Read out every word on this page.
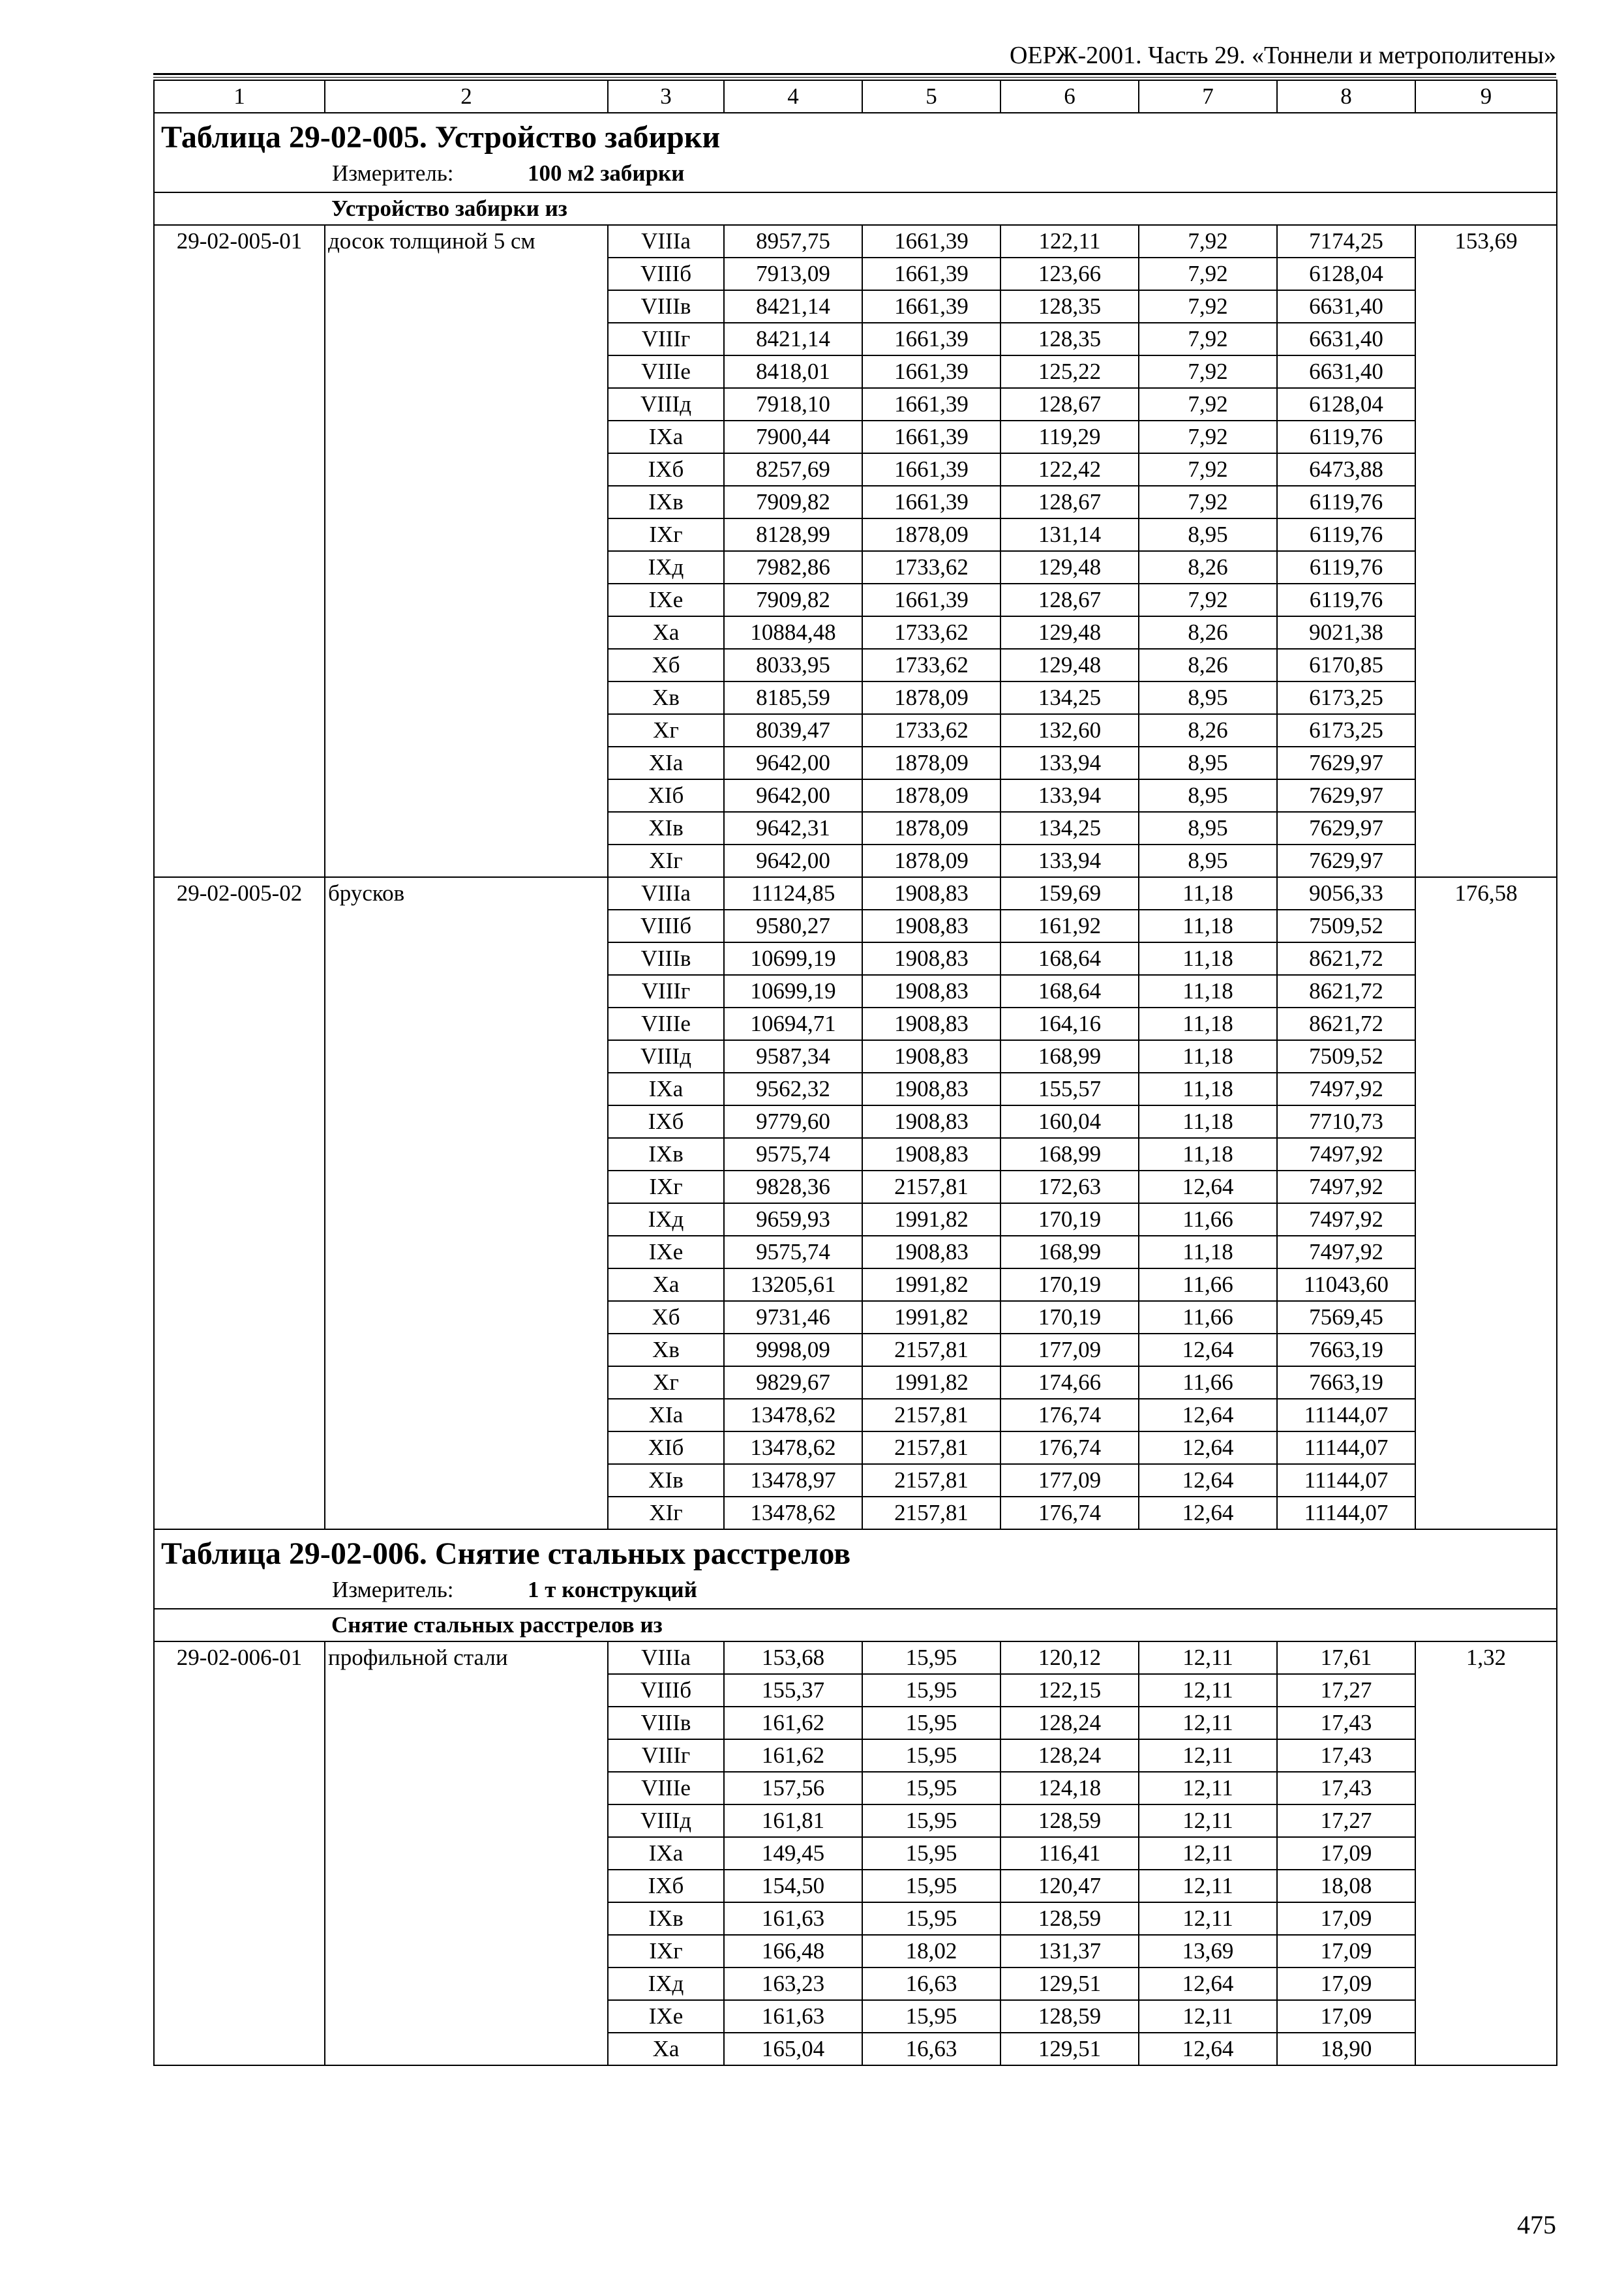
ОЕРЖ-2001. Часть 29. «Тоннели и метрополитены»
1	2	3	4	5	6	7	8	9
Таблица 29-02-005. Устройство забирки								
Измеритель: 100 м2 забирки								
Устройство забирки из								
29-02-005-01	досок толщиной 5 см	VIIIа	8957,75	1661,39	122,11	7,92	7174,25	153,69
		VIIIб	7913,09	1661,39	123,66	7,92	6128,04	
		VIIIв	8421,14	1661,39	128,35	7,92	6631,40	
		VIIIг	8421,14	1661,39	128,35	7,92	6631,40	
		VIIIе	8418,01	1661,39	125,22	7,92	6631,40	
		VIIIд	7918,10	1661,39	128,67	7,92	6128,04	
		IXа	7900,44	1661,39	119,29	7,92	6119,76	
		IXб	8257,69	1661,39	122,42	7,92	6473,88	
		IXв	7909,82	1661,39	128,67	7,92	6119,76	
		IXг	8128,99	1878,09	131,14	8,95	6119,76	
		IXд	7982,86	1733,62	129,48	8,26	6119,76	
		IXе	7909,82	1661,39	128,67	7,92	6119,76	
		Xа	10884,48	1733,62	129,48	8,26	9021,38	
		Xб	8033,95	1733,62	129,48	8,26	6170,85	
		Xв	8185,59	1878,09	134,25	8,95	6173,25	
		Xг	8039,47	1733,62	132,60	8,26	6173,25	
		XIа	9642,00	1878,09	133,94	8,95	7629,97	
		XIб	9642,00	1878,09	133,94	8,95	7629,97	
		XIв	9642,31	1878,09	134,25	8,95	7629,97	
		XIг	9642,00	1878,09	133,94	8,95	7629,97	
29-02-005-02	брусков	VIIIа	11124,85	1908,83	159,69	11,18	9056,33	176,58
		VIIIб	9580,27	1908,83	161,92	11,18	7509,52	
		VIIIв	10699,19	1908,83	168,64	11,18	8621,72	
		VIIIг	10699,19	1908,83	168,64	11,18	8621,72	
		VIIIе	10694,71	1908,83	164,16	11,18	8621,72	
		VIIIд	9587,34	1908,83	168,99	11,18	7509,52	
		IXа	9562,32	1908,83	155,57	11,18	7497,92	
		IXб	9779,60	1908,83	160,04	11,18	7710,73	
		IXв	9575,74	1908,83	168,99	11,18	7497,92	
		IXг	9828,36	2157,81	172,63	12,64	7497,92	
		IXд	9659,93	1991,82	170,19	11,66	7497,92	
		IXе	9575,74	1908,83	168,99	11,18	7497,92	
		Xа	13205,61	1991,82	170,19	11,66	11043,60	
		Xб	9731,46	1991,82	170,19	11,66	7569,45	
		Xв	9998,09	2157,81	177,09	12,64	7663,19	
		Xг	9829,67	1991,82	174,66	11,66	7663,19	
		XIа	13478,62	2157,81	176,74	12,64	11144,07	
		XIб	13478,62	2157,81	176,74	12,64	11144,07	
		XIв	13478,97	2157,81	177,09	12,64	11144,07	
		XIг	13478,62	2157,81	176,74	12,64	11144,07	
Таблица 29-02-006. Снятие стальных расстрелов								
Измеритель: 1 т конструкций								
Снятие стальных расстрелов из								
29-02-006-01	профильной стали	VIIIа	153,68	15,95	120,12	12,11	17,61	1,32
		VIIIб	155,37	15,95	122,15	12,11	17,27	
		VIIIв	161,62	15,95	128,24	12,11	17,43	
		VIIIг	161,62	15,95	128,24	12,11	17,43	
		VIIIе	157,56	15,95	124,18	12,11	17,43	
		VIIIд	161,81	15,95	128,59	12,11	17,27	
		IXа	149,45	15,95	116,41	12,11	17,09	
		IXб	154,50	15,95	120,47	12,11	18,08	
		IXв	161,63	15,95	128,59	12,11	17,09	
		IXг	166,48	18,02	131,37	13,69	17,09	
		IXд	163,23	16,63	129,51	12,64	17,09	
		IXе	161,63	15,95	128,59	12,11	17,09	
		Xа	165,04	16,63	129,51	12,64	18,90	
475
